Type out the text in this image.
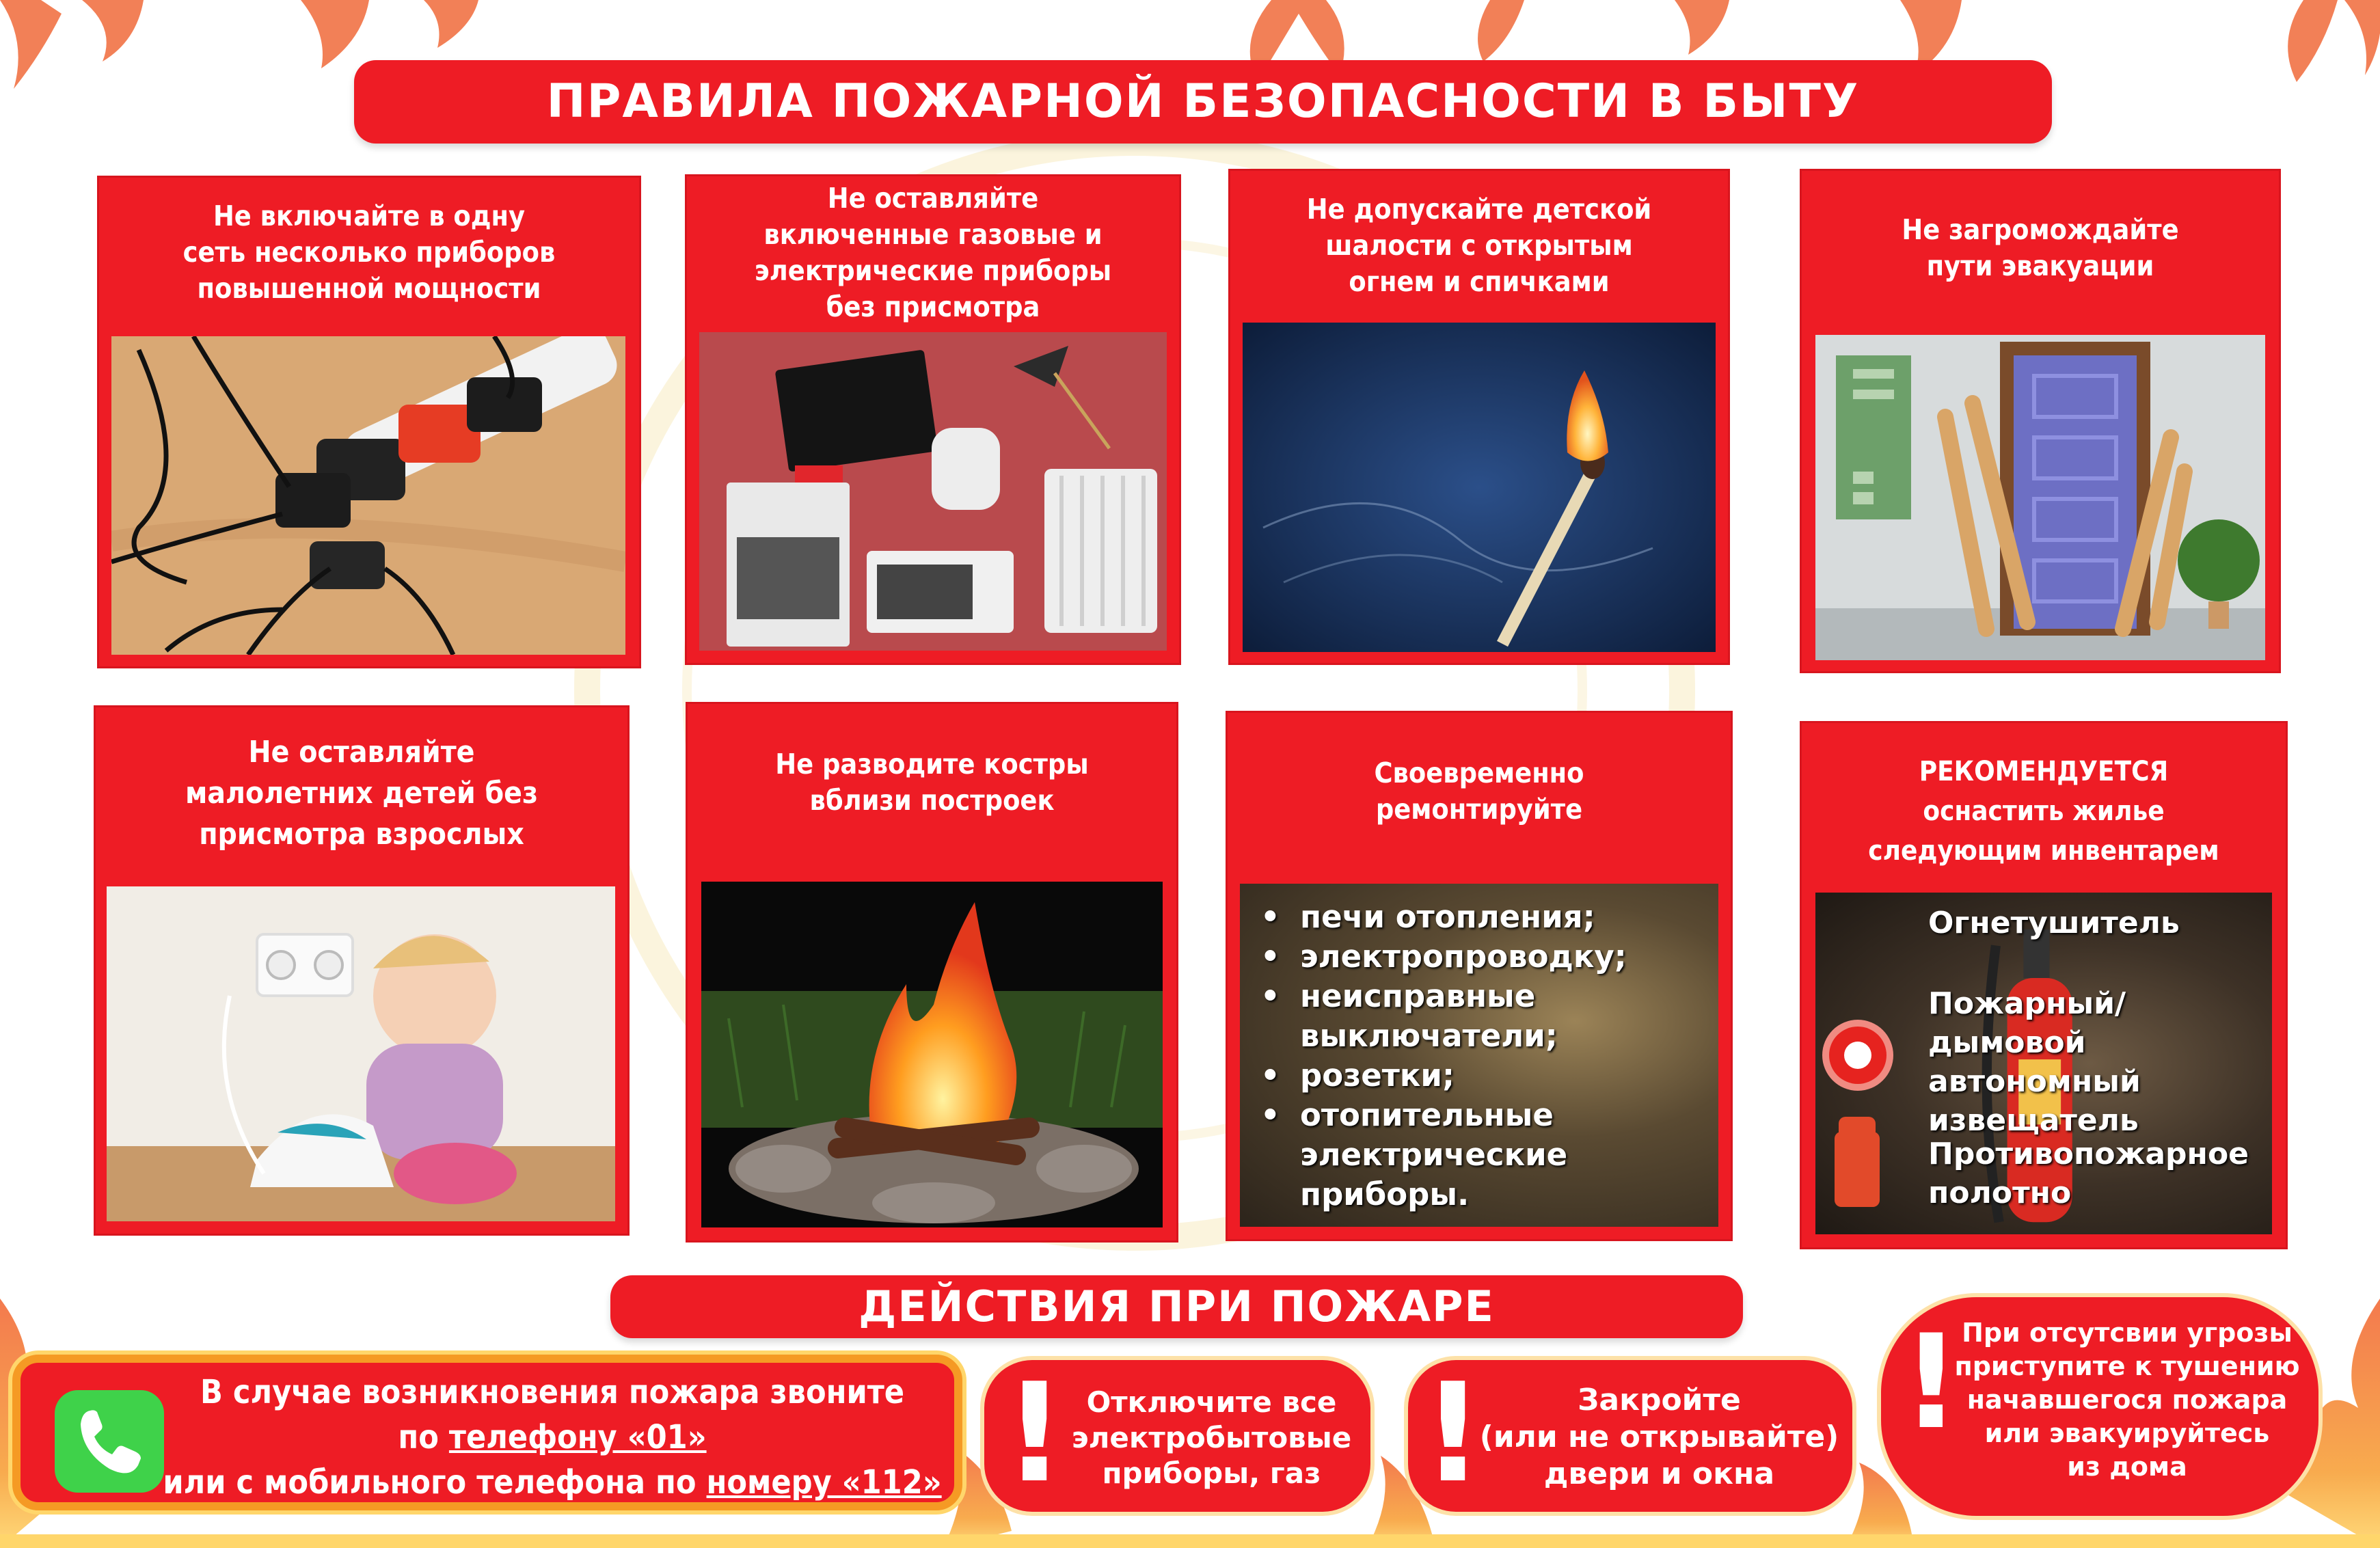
ПРАВИЛА ПОЖАРНОЙ БЕЗОПАСНОСТИ В БЫТУ
Не включайте в одну
сеть несколько приборов
повышенной мощности
Не оставляйте
включенные газовые и
электрические приборы
без присмотра
Не допускайте детской
шалости с открытым
огнем и спичками
Не загромождайте
пути эвакуации
Не оставляйте
малолетних детей без
присмотра взрослых
Не разводите костры
вблизи построек
Своевременно
ремонтируйте
• печи отопления;
• электропроводку;
• неисправные
выключатели;
• розетки;
• отопительные
электрические
приборы.
РЕКОМЕНДУЕТСЯ
оснастить жилье
следующим инвентарем
Огнетушитель
Пожарный/дымовой
автономный
извещатель
Противопожарное
полотно
ДЕЙСТВИЯ ПРИ ПОЖАРЕ
В случае возникновения пожара звоните
по телефону «01»
или с мобильного телефона по номеру «112» ! Отключите все
электробытовые
приборы, газ !	Закройте
(или не открывайте)
двери и окна
! При отсутсвии угрозы
приступите к тушению
начавшегося пожара
или эвакуируйтесь
из дома
